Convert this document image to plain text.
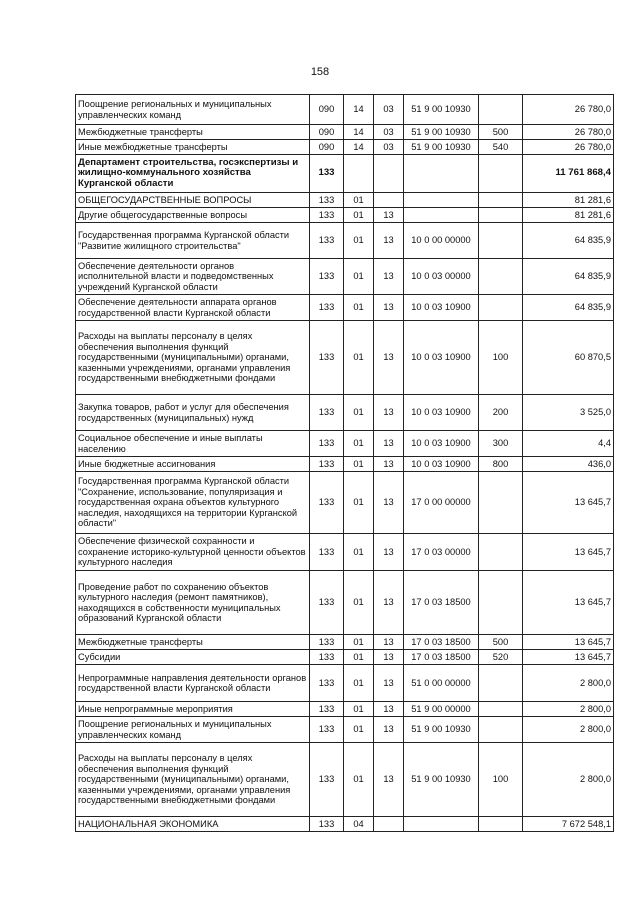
158
Поощрение региональных и муниципальных управленческих команд	090	14	03	51 9 00 10930		26 780,0
Межбюджетные трансферты	090	14	03	51 9 00 10930	500	26 780,0
Иные межбюджетные трансферты	090	14	03	51 9 00 10930	540	26 780,0
Департамент строительства, госэкспертизы и жилищно-коммунального хозяйства Курганской области	133					11 761 868,4
ОБЩЕГОСУДАРСТВЕННЫЕ ВОПРОСЫ	133	01				81 281,6
Другие общегосударственные вопросы	133	01	13			81 281,6
Государственная программа Курганской области "Развитие жилищного строительства"	133	01	13	10 0 00 00000		64 835,9
Обеспечение деятельности органов исполнительной власти и подведомственных учреждений Курганской области	133	01	13	10 0 03 00000		64 835,9
Обеспечение деятельности аппарата органов государственной власти Курганской области	133	01	13	10 0 03 10900		64 835,9
Расходы на выплаты персоналу в целях обеспечения выполнения функций государственными (муниципальными) органами, казенными учреждениями, органами управления государственными внебюджетными фондами	133	01	13	10 0 03 10900	100	60 870,5
Закупка товаров, работ и услуг для обеспечения государственных (муниципальных) нужд	133	01	13	10 0 03 10900	200	3 525,0
Социальное обеспечение и иные выплаты населению	133	01	13	10 0 03 10900	300	4,4
Иные бюджетные ассигнования	133	01	13	10 0 03 10900	800	436,0
Государственная программа Курганской области "Сохранение, использование, популяризация и государственная охрана объектов культурного наследия, находящихся на территории Курганской области"	133	01	13	17 0 00 00000		13 645,7
Обеспечение физической сохранности и сохранение историко-культурной ценности объектов культурного наследия	133	01	13	17 0 03 00000		13 645,7
Проведение работ по сохранению объектов культурного наследия (ремонт памятников), находящихся в собственности муниципальных образований Курганской области	133	01	13	17 0 03 18500		13 645,7
Межбюджетные трансферты	133	01	13	17 0 03 18500	500	13 645,7
Субсидии	133	01	13	17 0 03 18500	520	13 645,7
Непрограммные направления деятельности органов государственной власти Курганской области	133	01	13	51 0 00 00000		2 800,0
Иные непрограммные мероприятия	133	01	13	51 9 00 00000		2 800,0
Поощрение региональных и муниципальных управленческих команд	133	01	13	51 9 00 10930		2 800,0
Расходы на выплаты персоналу в целях обеспечения выполнения функций государственными (муниципальными) органами, казенными учреждениями, органами управления государственными внебюджетными фондами	133	01	13	51 9 00 10930	100	2 800,0
НАЦИОНАЛЬНАЯ ЭКОНОМИКА	133	04				7 672 548,1
